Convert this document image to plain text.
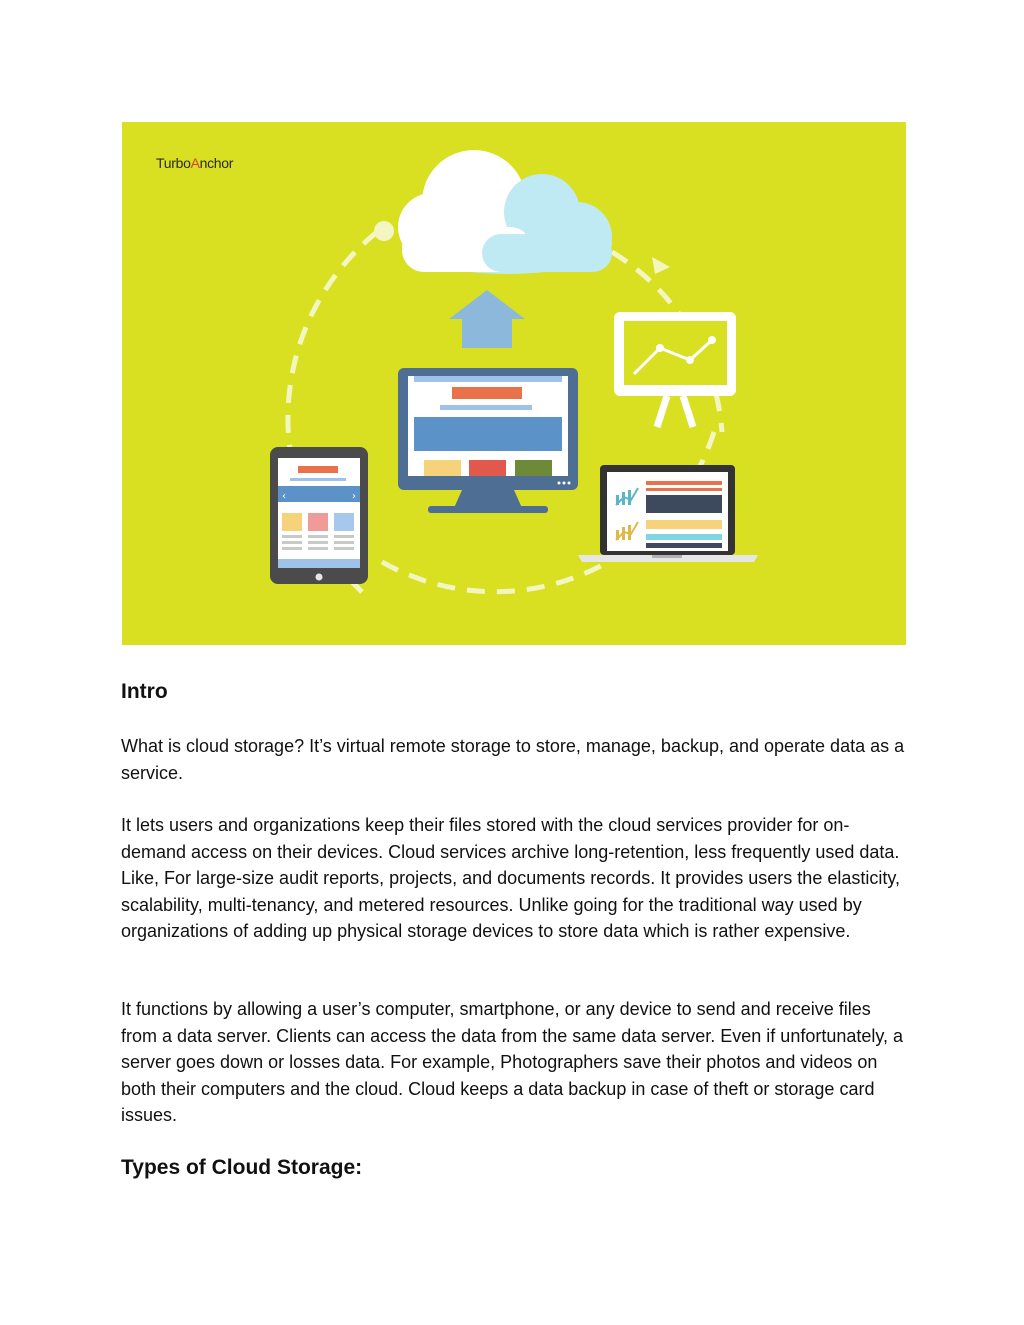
‹	›
TurboAnchor
Intro

What is cloud storage? It’s virtual remote storage to store, manage, backup, and operate data as a service.

It lets users and organizations keep their files stored with the cloud services provider for on-demand access on their devices. Cloud services archive long-retention, less frequently used data. Like, For large-size audit reports, projects, and documents records. It provides users the elasticity, scalability, multi-tenancy, and metered resources. Unlike going for the traditional way used by organizations of adding up physical storage devices to store data which is rather expensive.

It functions by allowing a user’s computer, smartphone, or any device to send and receive files from a data server. Clients can access the data from the same data server. Even if unfortunately, a server goes down or losses data. For example, Photographers save their photos and videos on both their computers and the cloud. Cloud keeps a data backup in case of theft or storage card issues.

Types of Cloud Storage:
